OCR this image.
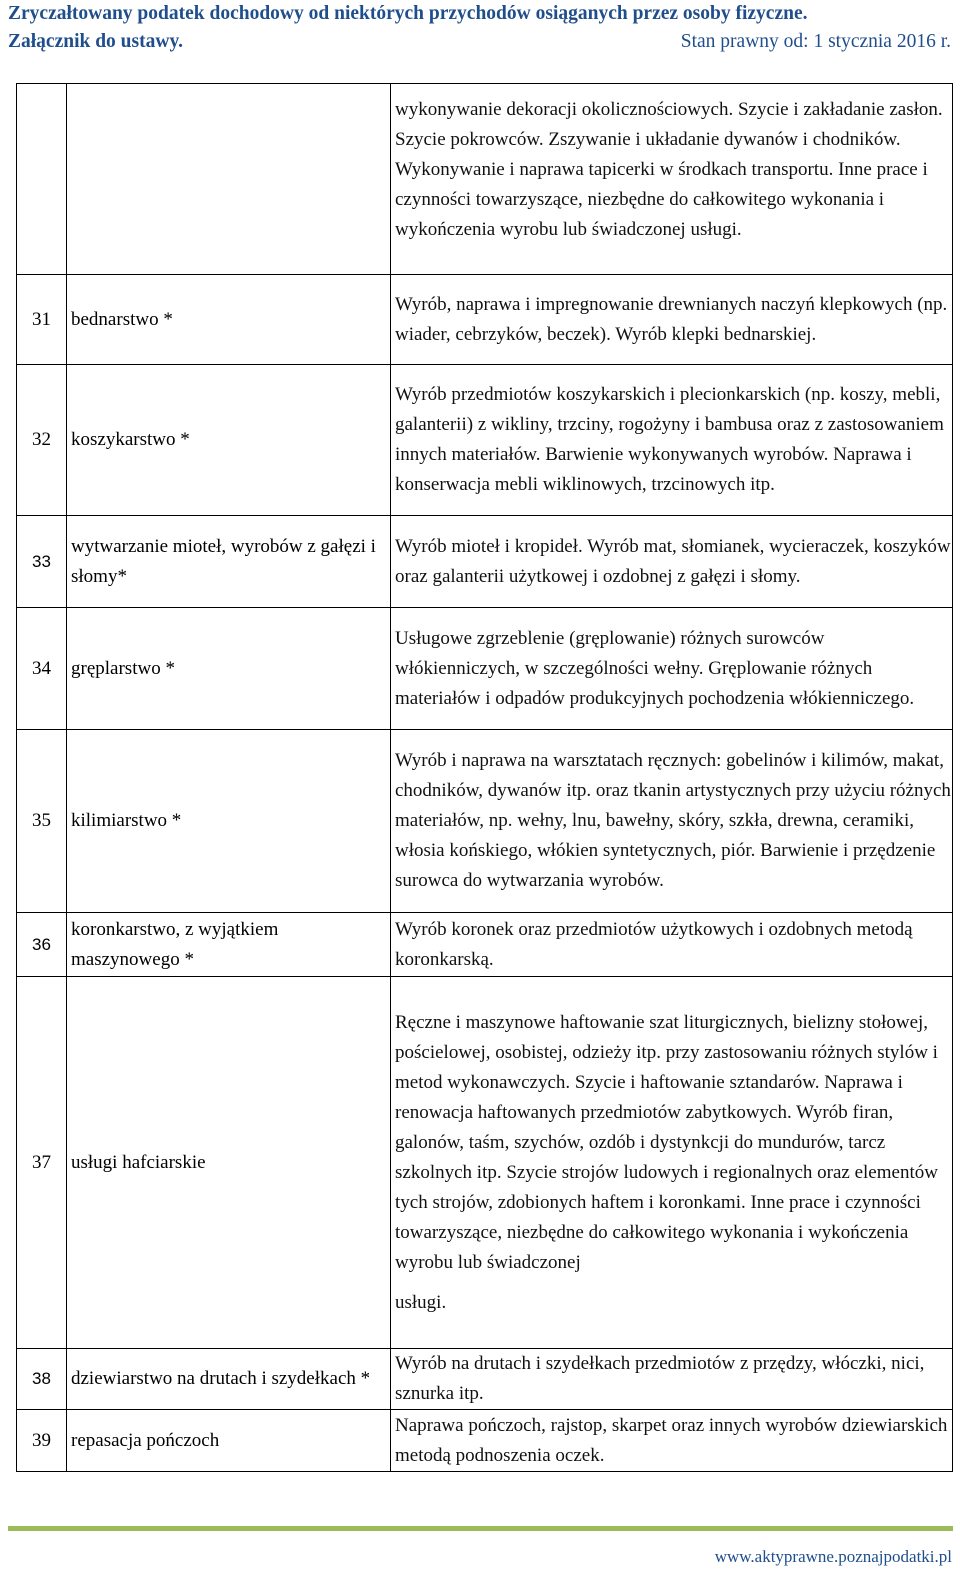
Zryczałtowany podatek dochodowy od niektórych przychodów osiąganych przez osoby fizyczne.
Załącznik do ustawy.	Stan prawny od: 1 stycznia 2016 r.
		wykonywanie dekoracji okolicznościowych. Szycie i zakładanie zasłon. Szycie pokrowców. Zszywanie i układanie dywanów i chodników. Wykonywanie i naprawa tapicerki w środkach transportu. Inne prace i czynności towarzyszące, niezbędne do całkowitego wykonania i wykończenia wyrobu lub świadczonej usługi.
31	bednarstwo *	Wyrób, naprawa i impregnowanie drewnianych naczyń klepkowych (np. wiader, cebrzyków, beczek). Wyrób klepki bednarskiej.
32	koszykarstwo *	Wyrób przedmiotów koszykarskich i plecionkarskich (np. koszy, mebli, galanterii) z wikliny, trzciny, rogożyny i bambusa oraz z zastosowaniem innych materiałów. Barwienie wykonywanych wyrobów. Naprawa i konserwacja mebli wiklinowych, trzcinowych itp.
33	wytwarzanie mioteł, wyrobów z gałęzi i słomy*	Wyrób mioteł i kropideł. Wyrób mat, słomianek, wycieraczek, koszyków oraz galanterii użytkowej i ozdobnej z gałęzi i słomy.
34	gręplarstwo *	Usługowe zgrzeblenie (gręplowanie) różnych surowców włókienniczych, w szczególności wełny. Gręplowanie różnych materiałów i odpadów produkcyjnych pochodzenia włókienniczego.
35	kilimiarstwo *	Wyrób i naprawa na warsztatach ręcznych: gobelinów i kilimów, makat, chodników, dywanów itp. oraz tkanin artystycznych przy użyciu różnych materiałów, np. wełny, lnu, bawełny, skóry, szkła, drewna, ceramiki, włosia końskiego, włókien syntetycznych, piór. Barwienie i przędzenie surowca do wytwarzania wyrobów.
36	koronkarstwo, z wyjątkiem maszynowego *	Wyrób koronek oraz przedmiotów użytkowych i ozdobnych metodą koronkarską.
37	usługi hafciarskie	Ręczne i maszynowe haftowanie szat liturgicznych, bielizny stołowej, pościelowej, osobistej, odzieży itp. przy zastosowaniu różnych stylów i metod wykonawczych. Szycie i haftowanie sztandarów. Naprawa i renowacja haftowanych przedmiotów zabytkowych. Wyrób firan, galonów, taśm, szychów, ozdób i dystynkcji do mundurów, tarcz szkolnych itp. Szycie strojów ludowych i regionalnych oraz elementów tych strojów, zdobionych haftem i koronkami. Inne prace i czynności towarzyszące, niezbędne do całkowitego wykonania i wykończenia wyrobu lub świadczonej
usługi.

38	dziewiarstwo na drutach i szydełkach *	Wyrób na drutach i szydełkach przedmiotów z przędzy, włóczki, nici, sznurka itp.
39	repasacja pończoch	Naprawa pończoch, rajstop, skarpet oraz innych wyrobów dziewiarskich metodą podnoszenia oczek.
www.aktyprawne.poznajpodatki.pl
